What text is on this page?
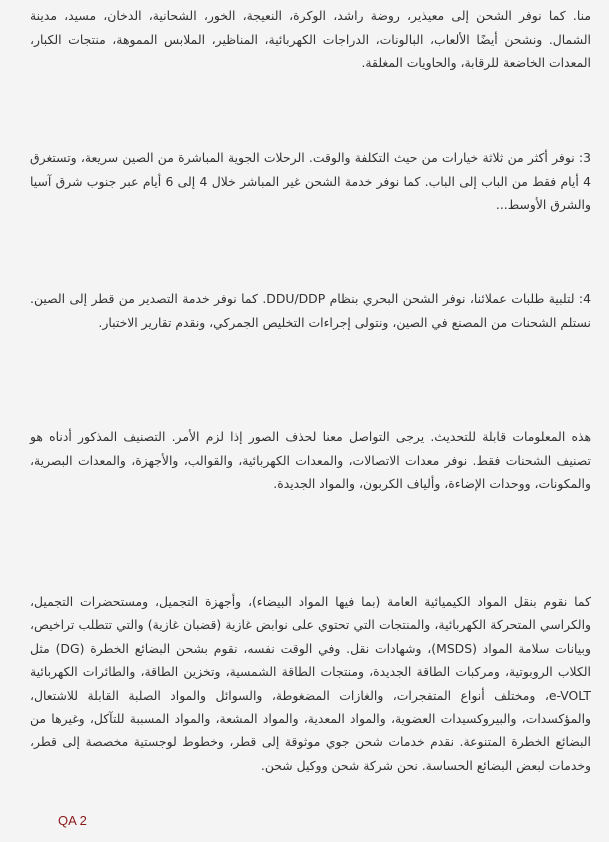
منا. كما نوفر الشحن إلى معيذير، روضة راشد، الوكرة، النعيجة، الخور، الشحانية، الدخان، مسيد، مدينة الشمال. ونشحن أيضًا الألعاب، البالونات، الدراجات الكهربائية، المناظير، الملابس المموهة، منتجات الكبار، المعدات الخاضعة للرقابة، والحاويات المغلقة.

3: نوفر أكثر من ثلاثة خيارات من حيث التكلفة والوقت. الرحلات الجوية المباشرة من الصين سريعة، وتستغرق 4 أيام فقط من الباب إلى الباب. كما نوفر خدمة الشحن غير المباشر خلال 4 إلى 6 أيام عبر جنوب شرق آسيا والشرق الأوسط...

4: لتلبية طلبات عملائنا، نوفر الشحن البحري بنظام DDU/DDP. كما نوفر خدمة التصدير من قطر إلى الصين. نستلم الشحنات من المصنع في الصين، ونتولى إجراءات التخليص الجمركي، ونقدم تقارير الاختبار.

هذه المعلومات قابلة للتحديث. يرجى التواصل معنا لحذف الصور إذا لزم الأمر. التصنيف المذكور أدناه هو تصنيف الشحنات فقط. نوفر معدات الاتصالات، والمعدات الكهربائية، والقوالب، والأجهزة، والمعدات البصرية، والمكونات، ووحدات الإضاءة، وألياف الكربون، والمواد الجديدة.

كما نقوم بنقل المواد الكيميائية العامة (بما فيها المواد البيضاء)، وأجهزة التجميل، ومستحضرات التجميل، والكراسي المتحركة الكهربائية، والمنتجات التي تحتوي على نوابض غازية (قضبان غازية) والتي تتطلب تراخيص، وبيانات سلامة المواد (MSDS)، وشهادات نقل. وفي الوقت نفسه، نقوم بشحن البضائع الخطرة (DG) مثل الكلاب الروبوتية، ومركبات الطاقة الجديدة، ومنتجات الطاقة الشمسية، وتخزين الطاقة، والطائرات الكهربائية e-VOLT، ومختلف أنواع المتفجرات، والغازات المضغوطة، والسوائل والمواد الصلبة القابلة للاشتعال، والمؤكسدات، والبيروكسيدات العضوية، والمواد المعدية، والمواد المشعة، والمواد المسببة للتآكل، وغيرها من البضائع الخطرة المتنوعة. نقدم خدمات شحن جوي موثوقة إلى قطر، وخطوط لوجستية مخصصة إلى قطر، وخدمات لبعض البضائع الحساسة. نحن شركة شحن ووكيل شحن.

QA 2
